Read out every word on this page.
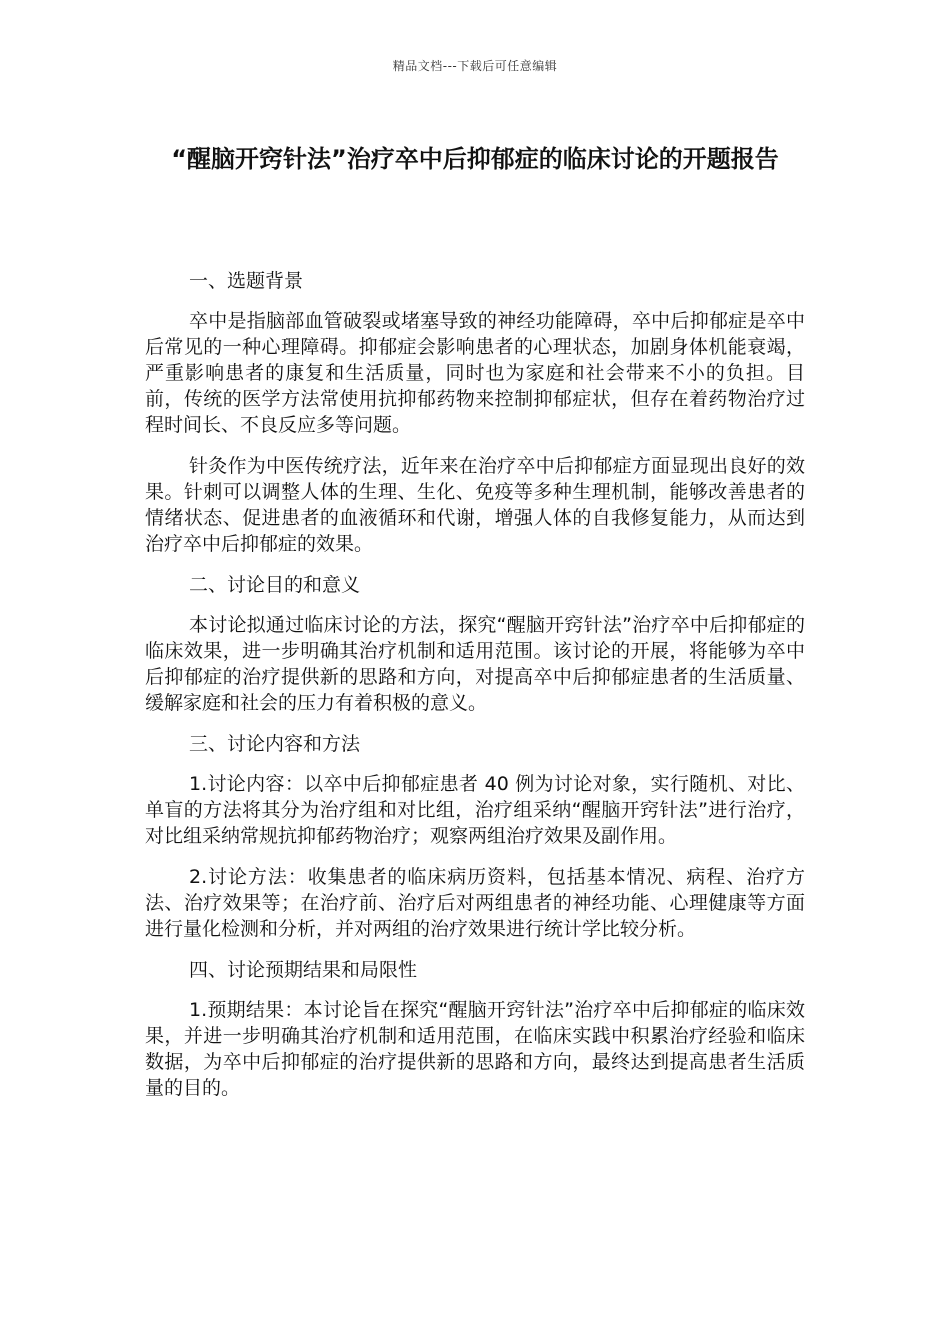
精品文档---下载后可任意编辑
“醒脑开窍针法”治疗卒中后抑郁症的临床讨论的开题报告

一、选题背景

卒中是指脑部血管破裂或堵塞导致的神经功能障碍，卒中后抑郁症是卒中后常见的一种心理障碍。抑郁症会影响患者的心理状态，加剧身体机能衰竭，严重影响患者的康复和生活质量，同时也为家庭和社会带来不小的负担。目前，传统的医学方法常使用抗抑郁药物来控制抑郁症状，但存在着药物治疗过程时间长、不良反应多等问题。

针灸作为中医传统疗法，近年来在治疗卒中后抑郁症方面显现出良好的效果。针刺可以调整人体的生理、生化、免疫等多种生理机制，能够改善患者的情绪状态、促进患者的血液循环和代谢，增强人体的自我修复能力，从而达到治疗卒中后抑郁症的效果。

二、讨论目的和意义

本讨论拟通过临床讨论的方法，探究“醒脑开窍针法”治疗卒中后抑郁症的临床效果，进一步明确其治疗机制和适用范围。该讨论的开展，将能够为卒中后抑郁症的治疗提供新的思路和方向，对提高卒中后抑郁症患者的生活质量、缓解家庭和社会的压力有着积极的意义。

三、讨论内容和方法

1.讨论内容：以卒中后抑郁症患者 40 例为讨论对象，实行随机、对比、单盲的方法将其分为治疗组和对比组，治疗组采纳“醒脑开窍针法”进行治疗，对比组采纳常规抗抑郁药物治疗；观察两组治疗效果及副作用。

2.讨论方法：收集患者的临床病历资料，包括基本情况、病程、治疗方法、治疗效果等；在治疗前、治疗后对两组患者的神经功能、心理健康等方面进行量化检测和分析，并对两组的治疗效果进行统计学比较分析。

四、讨论预期结果和局限性

1.预期结果：本讨论旨在探究“醒脑开窍针法”治疗卒中后抑郁症的临床效果，并进一步明确其治疗机制和适用范围，在临床实践中积累治疗经验和临床数据，为卒中后抑郁症的治疗提供新的思路和方向，最终达到提高患者生活质量的目的。
